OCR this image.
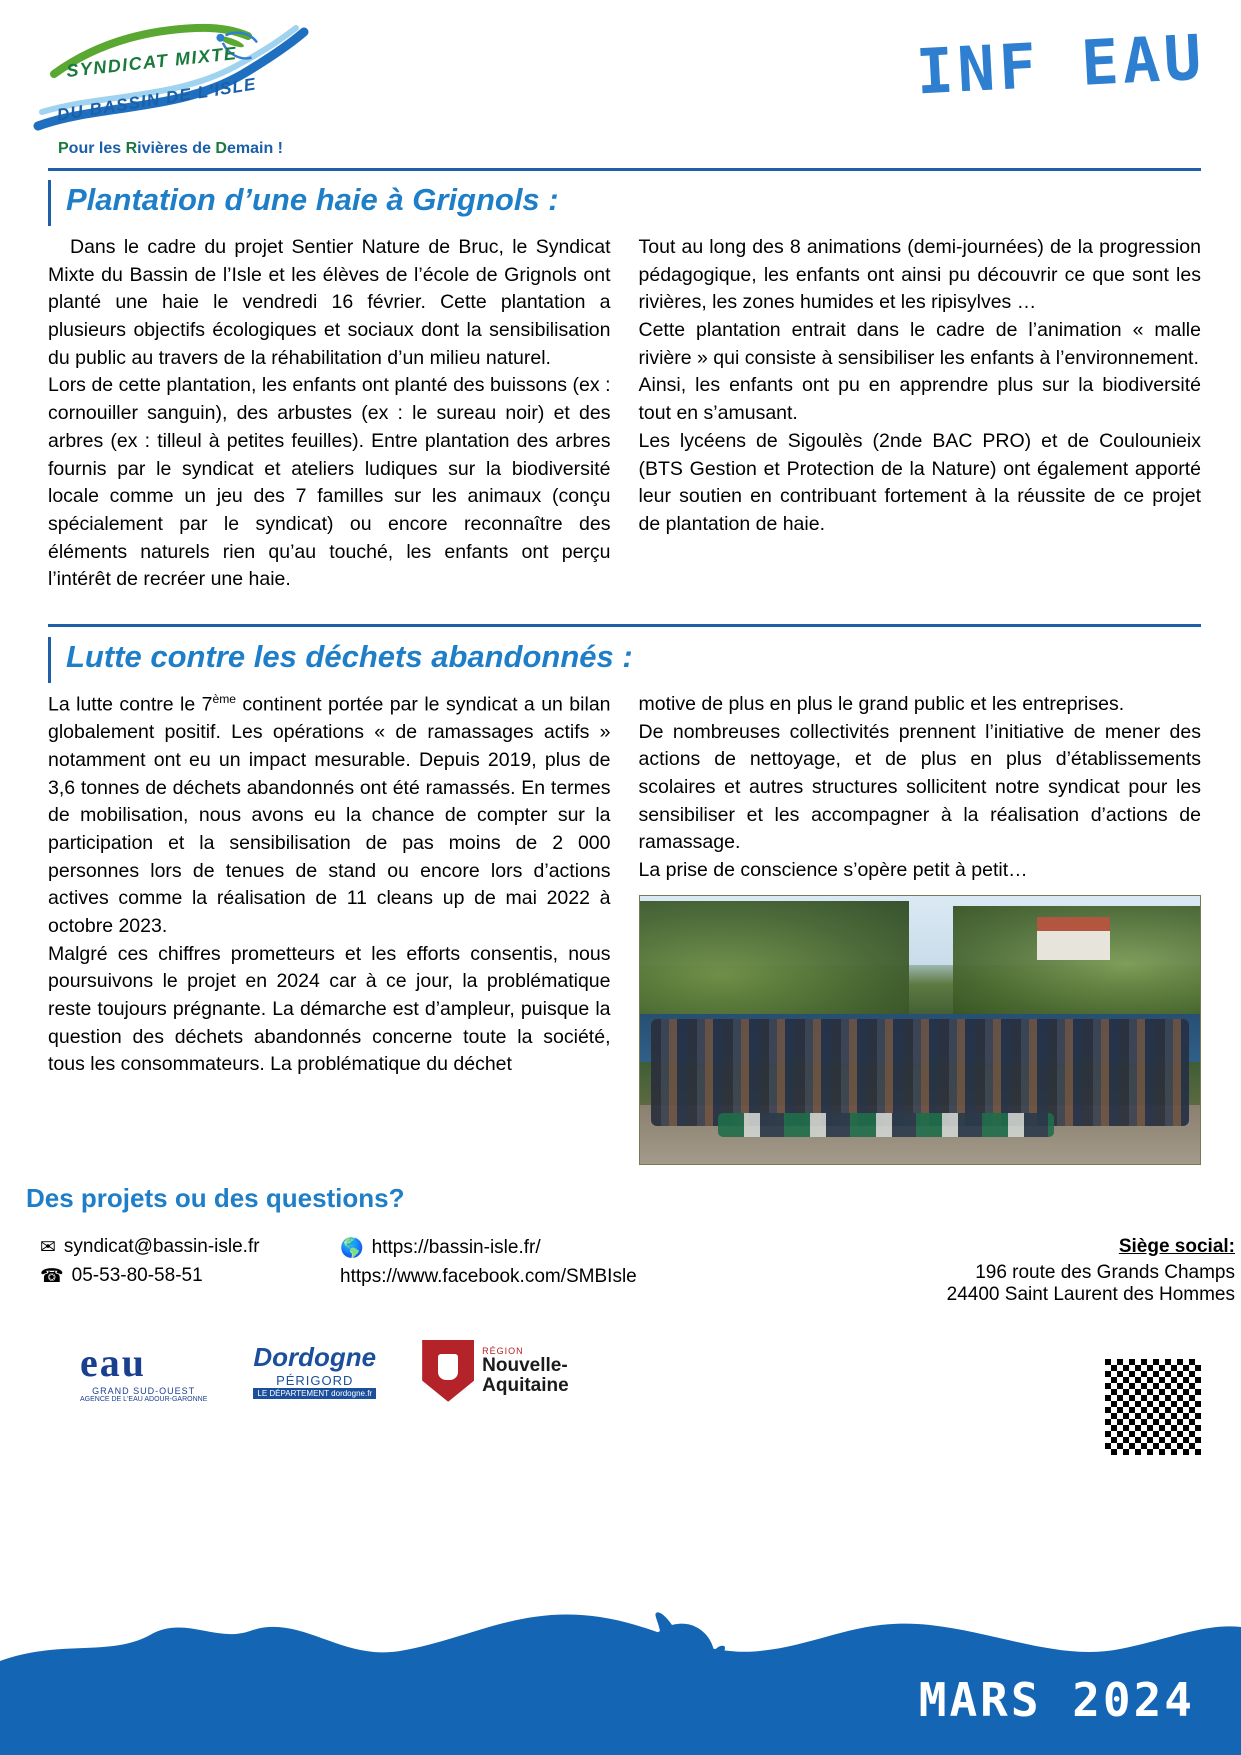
SYNDICAT MIXTE
DU BASSIN DE L'ISLE
Pour les Rivières de Demain !
INF EAU
Plantation d’une haie à Grignols :

Dans le cadre du projet Sentier Nature de Bruc, le Syndicat Mixte du Bassin de l’Isle et les élèves de l’école de Grignols ont planté une haie le vendredi 16 février. Cette plantation a plusieurs objectifs écologiques et sociaux dont la sensibilisation du public au travers de la réhabilitation d’un milieu naturel.

Lors de cette plantation, les enfants ont planté des buissons (ex : cornouiller sanguin), des arbustes (ex : le sureau noir) et des arbres (ex : tilleul à petites feuilles). Entre plantation des arbres fournis par le syndicat et ateliers ludiques sur la biodiversité locale comme un jeu des 7 familles sur les animaux (conçu spécialement par le syndicat) ou encore reconnaître des éléments naturels rien qu’au touché, les enfants ont perçu l’intérêt de recréer une haie.

Tout au long des 8 animations (demi-journées) de la progression pédagogique, les enfants ont ainsi pu découvrir ce que sont les rivières, les zones humides et les ripisylves …

Cette plantation entrait dans le cadre de l’animation « malle rivière » qui consiste à sensibiliser les enfants à l’environnement.

Ainsi, les enfants ont pu en apprendre plus sur la biodiversité tout en s’amusant.

Les lycéens de Sigoulès (2nde BAC PRO) et de Coulounieix (BTS Gestion et Protection de la Nature) ont également apporté leur soutien en contribuant fortement à la réussite de ce projet de plantation de haie.

Lutte contre les déchets abandonnés :

La lutte contre le 7ème continent portée par le syndicat a un bilan globalement positif. Les opérations « de ramassages actifs » notamment ont eu un impact mesurable. Depuis 2019, plus de 3,6 tonnes de déchets abandonnés ont été ramassés. En termes de mobilisation, nous avons eu la chance de compter sur la participation et la sensibilisation de pas moins de 2 000 personnes lors de tenues de stand ou encore lors d’actions actives comme la réalisation de 11 cleans up de mai 2022 à octobre 2023.

Malgré ces chiffres prometteurs et les efforts consentis, nous poursuivons le projet en 2024 car à ce jour, la problématique reste toujours prégnante. La démarche est d’ampleur, puisque la question des déchets abandonnés concerne toute la société, tous les consommateurs. La problématique du déchet

motive de plus en plus le grand public et les entreprises.

De nombreuses collectivités prennent l’initiative de mener des actions de nettoyage, et de plus en plus d’établissements scolaires et autres structures sollicitent notre syndicat pour les sensibiliser et les accompagner à la réalisation d’actions de ramassage.

La prise de conscience s’opère petit à petit…

Des projets ou des questions?
✉ syndicat@bassin-isle.fr
☎ 05-53-80-58-51
🌎 https://bassin-isle.fr/
https://www.facebook.com/SMBIsle
Siège social:
196 route des Grands Champs
24400 Saint Laurent des Hommes
eau
GRAND SUD-OUEST
AGENCE DE L'EAU ADOUR-GARONNE
Dordogne
PÉRIGORD
LE DÉPARTEMENT dordogne.fr
RÉGION
Nouvelle-
Aquitaine
MARS 2024
